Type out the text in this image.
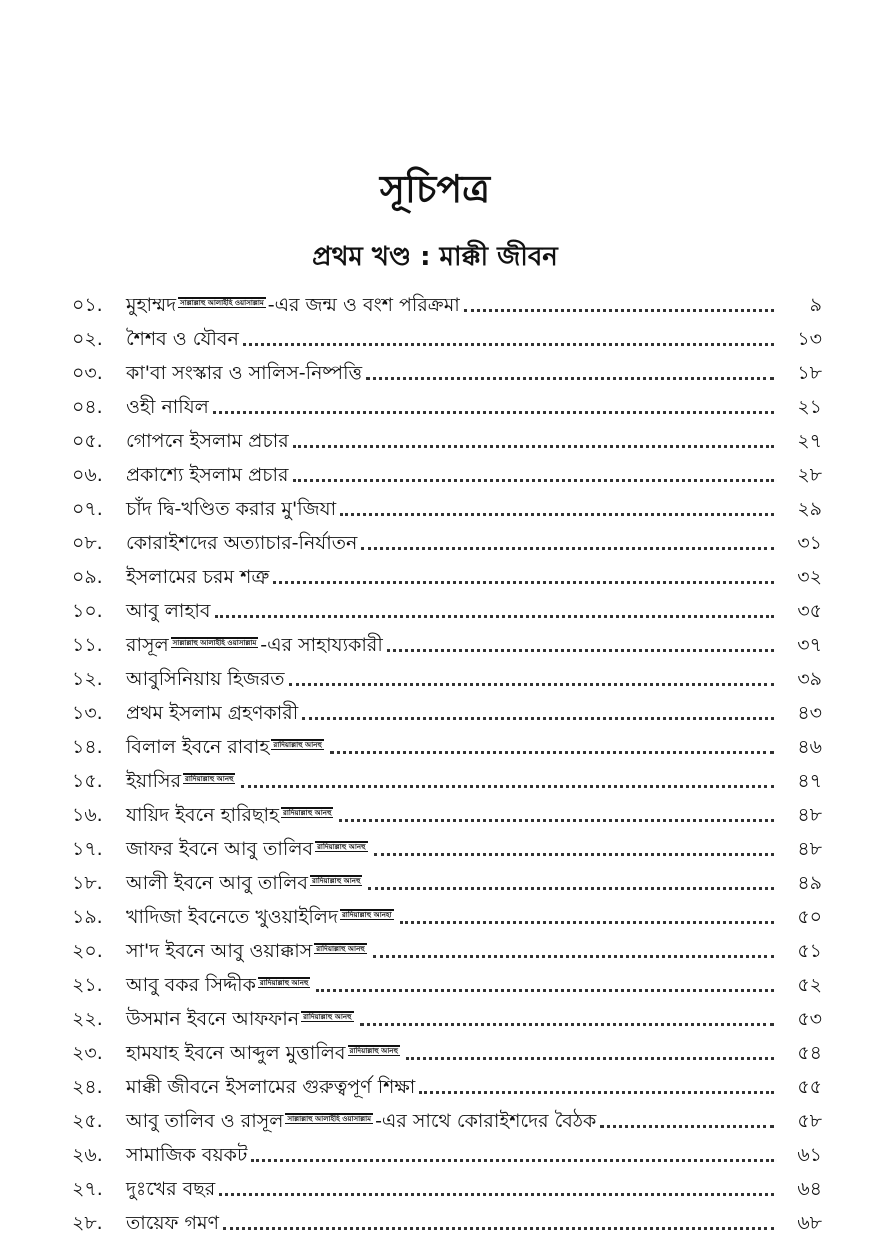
সূচিপত্র
প্রথম খণ্ড : মাক্কী জীবন
০১.	মুহাম্মদ সাল্লাল্লাহু আলাইহি ওয়াসাল্লাম -এর জন্ম ও বংশ পরিক্রমা	৯
০২.	শৈশব ও যৌবন	১৩
০৩.	কা'বা সংস্কার ও সালিস-নিষ্পত্তি	১৮
০৪.	ওহী নাযিল	২১
০৫.	গোপনে ইসলাম প্রচার	২৭
০৬.	প্রকাশ্যে ইসলাম প্রচার	২৮
০৭.	চাঁদ দ্বি-খণ্ডিত করার মু'জিযা	২৯
০৮.	কোরাইশদের অত্যাচার-নির্যাতন	৩১
০৯.	ইসলামের চরম শত্রু	৩২
১০.	আবু লাহাব	৩৫
১১.	রাসূল সাল্লাল্লাহু আলাইহি ওয়াসাল্লাম -এর সাহায্যকারী	৩৭
১২.	আবুসিনিয়ায় হিজরত	৩৯
১৩.	প্রথম ইসলাম গ্রহণকারী	৪৩
১৪.	বিলাল ইবনে রাবাহ রাদিয়াল্লাহু আনহু	৪৬
১৫.	ইয়াসির রাদিয়াল্লাহু আনহু	৪৭
১৬.	যায়িদ ইবনে হারিছাহ রাদিয়াল্লাহু আনহু	৪৮
১৭.	জাফর ইবনে আবু তালিব রাদিয়াল্লাহু আনহু	৪৮
১৮.	আলী ইবনে আবু তালিব রাদিয়াল্লাহু আনহু	৪৯
১৯.	খাদিজা ইবনেতে খুওয়াইলিদ রাদিয়াল্লাহু আনহা	৫০
২০.	সা'দ ইবনে আবু ওয়াক্কাস রাদিয়াল্লাহু আনহু	৫১
২১.	আবু বকর সিদ্দীক রাদিয়াল্লাহু আনহু	৫২
২২.	উসমান ইবনে আফফান রাদিয়াল্লাহু আনহু	৫৩
২৩.	হামযাহ ইবনে আব্দুল মুত্তালিব রাদিয়াল্লাহু আনহু	৫৪
২৪.	মাক্কী জীবনে ইসলামের গুরুত্বপূর্ণ শিক্ষা	৫৫
২৫.	আবু তালিব ও রাসূল সাল্লাল্লাহু আলাইহি ওয়াসাল্লাম -এর সাথে কোরাইশদের বৈঠক	৫৮
২৬.	সামাজিক বয়কট	৬১
২৭.	দুঃখের বছর	৬৪
২৮.	তায়েফ গমণ	৬৮
